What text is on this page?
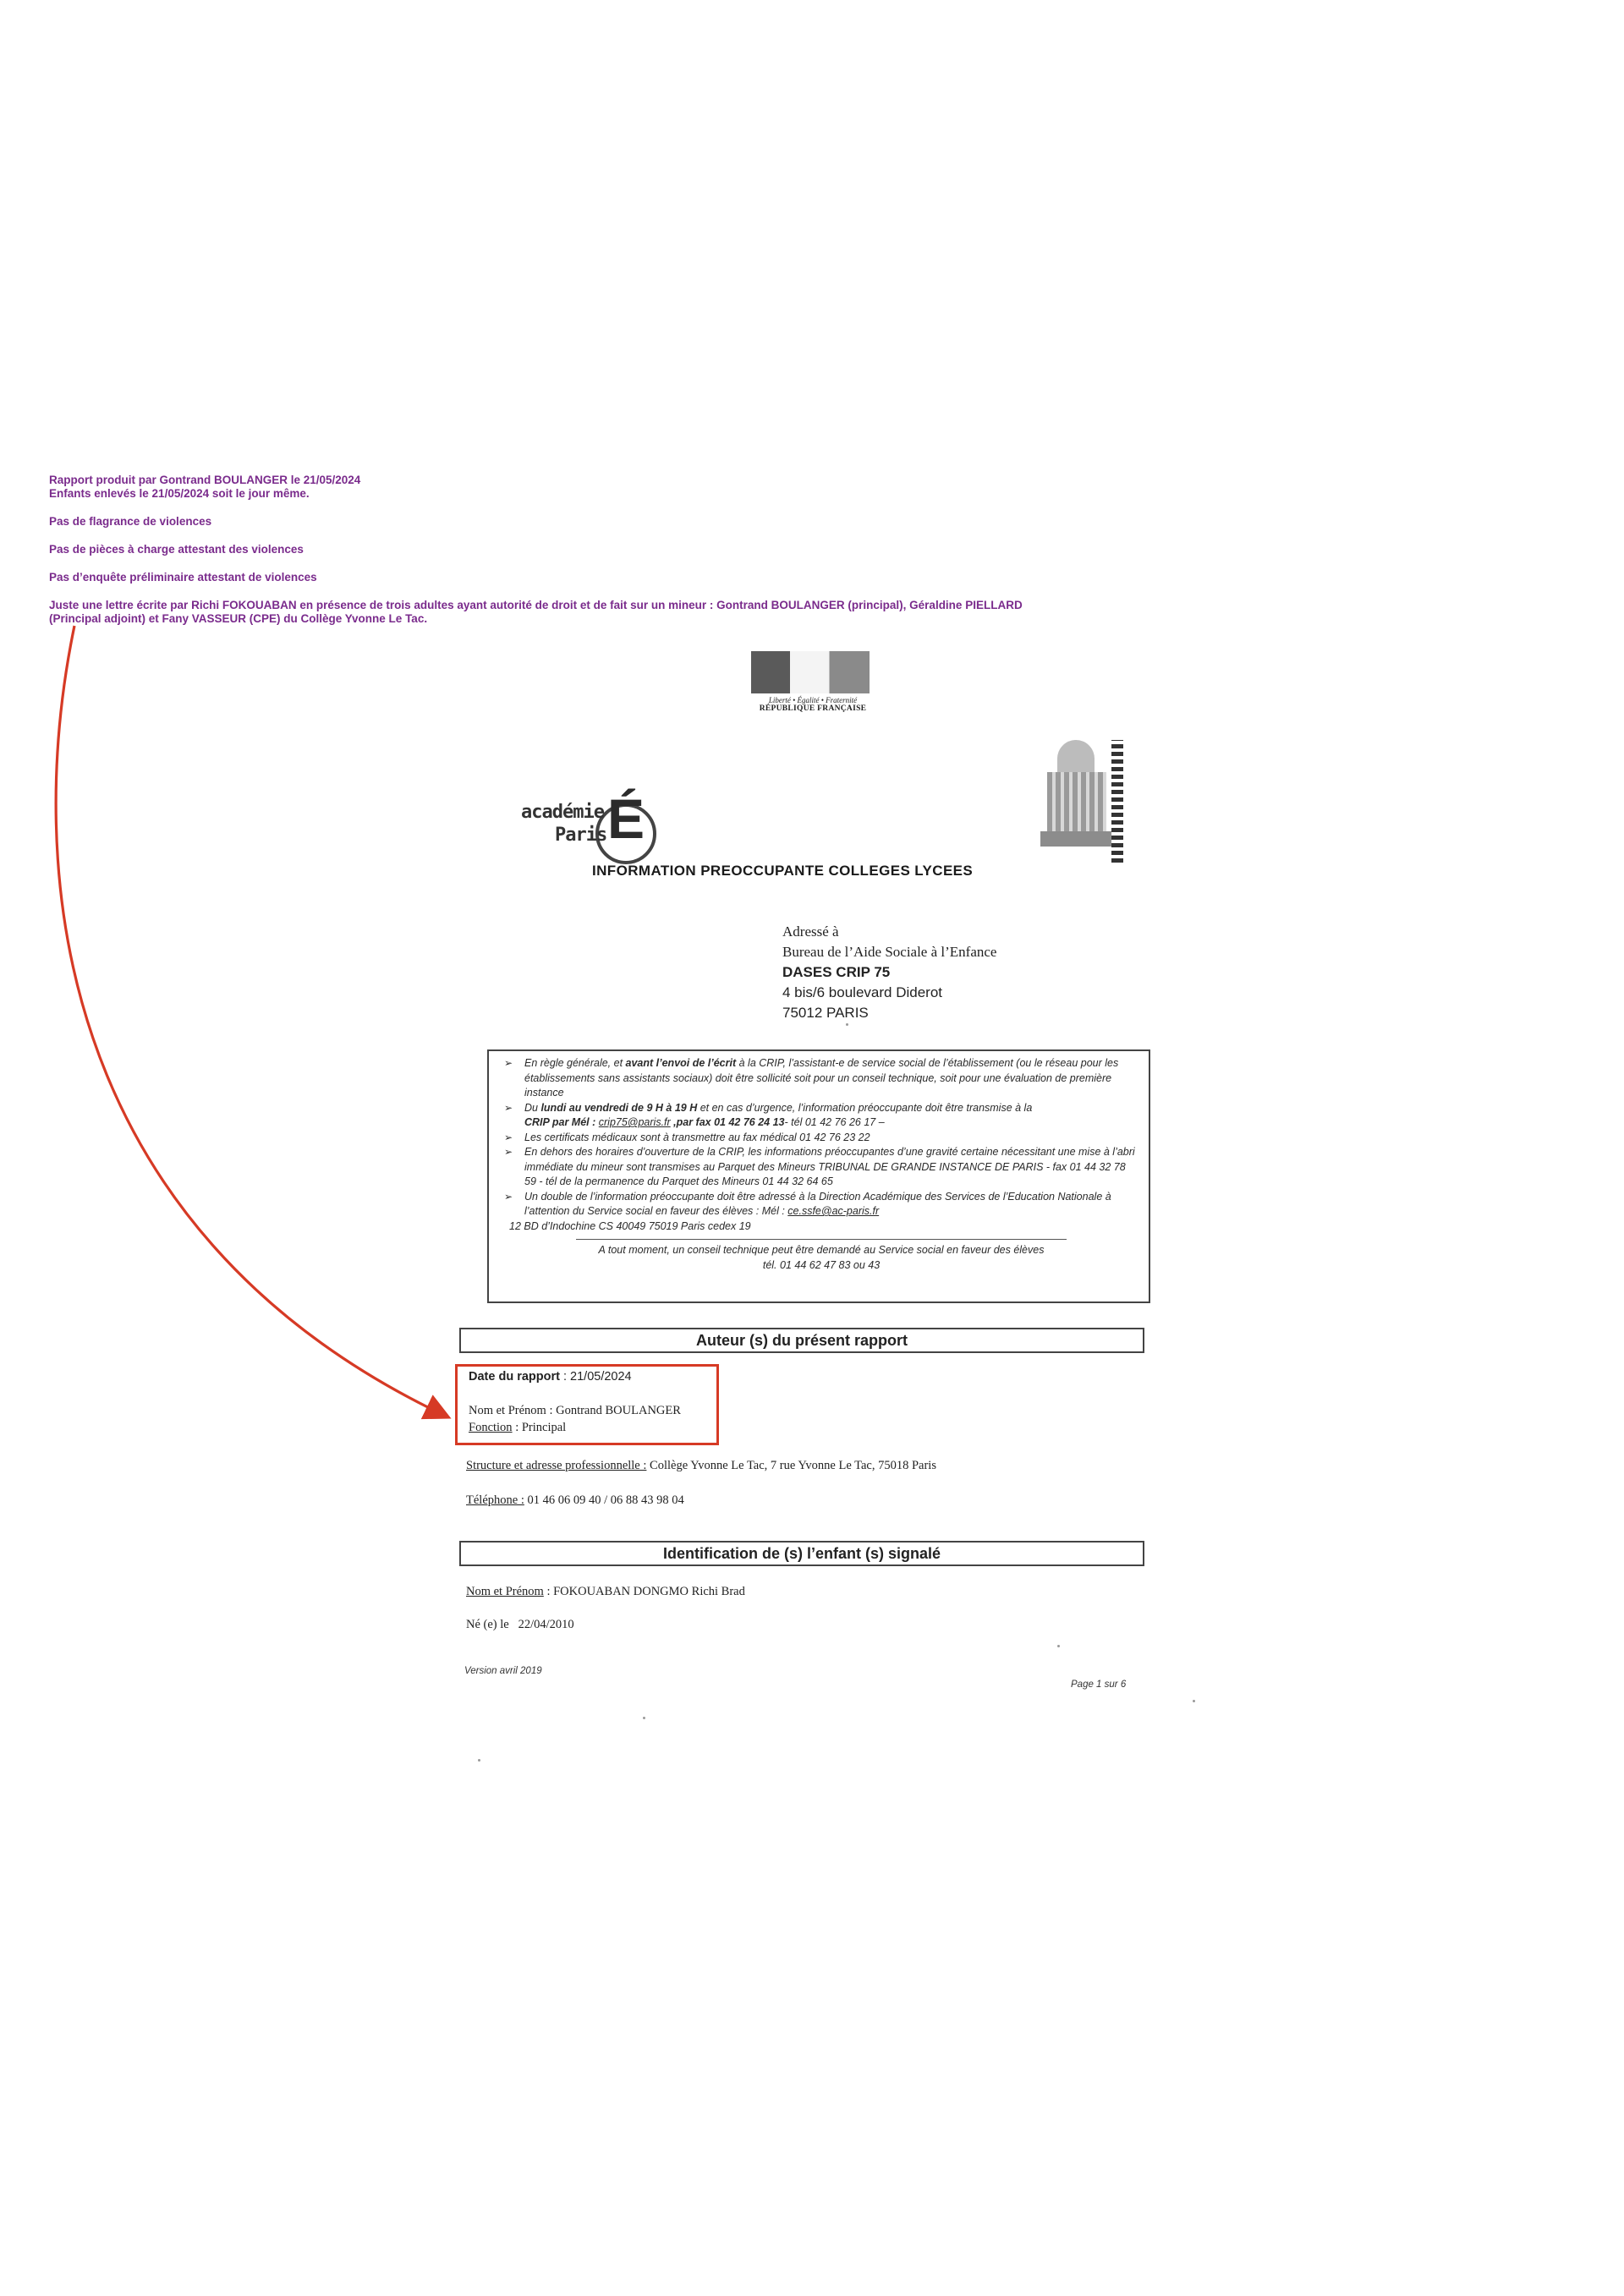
Rapport produit par Gontrand BOULANGER le 21/05/2024

Enfants enlevés le 21/05/2024 soit le jour même.

Pas de flagrance de violences

Pas de pièces à charge attestant des violences

Pas d’enquête préliminaire attestant de violences

Juste une lettre écrite par Richi FOKOUABAN en présence de trois adultes ayant autorité de droit et de fait sur un mineur : Gontrand BOULANGER (principal), Géraldine PIELLARD

(Principal adjoint) et Fany VASSEUR (CPE) du Collège Yvonne Le Tac.

Liberté • Égalité • Fraternité
RÉPUBLIQUE FRANÇAISE
É
académie
Paris
INFORMATION PREOCCUPANTE COLLEGES LYCEES
Adressé à
Bureau de l’Aide Sociale à l’Enfance
DASES CRIP 75
4 bis/6 boulevard Diderot
75012 PARIS
➢ En règle générale, et avant l’envoi de l’écrit à la CRIP, l’assistant-e de service social de l’établissement (ou le réseau pour les établissements sans assistants sociaux) doit être sollicité soit pour un conseil technique, soit pour une évaluation de première instance
➢ Du lundi au vendredi de 9 H à 19 H et en cas d’urgence, l’information préoccupante doit être transmise à la
CRIP par Mél : crip75@paris.fr ,par fax 01 42 76 24 13- tél 01 42 76 26 17 –
➢ Les certificats médicaux sont à transmettre au fax médical 01 42 76 23 22
➢ En dehors des horaires d’ouverture de la CRIP, les informations préoccupantes d’une gravité certaine nécessitant une mise à l’abri immédiate du mineur sont transmises au Parquet des Mineurs TRIBUNAL DE GRANDE INSTANCE DE PARIS - fax 01 44 32 78 59 - tél de la permanence du Parquet des Mineurs 01 44 32 64 65
➢ Un double de l’information préoccupante doit être adressé à la Direction Académique des Services de l’Education Nationale à l’attention du Service social en faveur des élèves : Mél : ce.ssfe@ac-paris.fr
12 BD d’Indochine CS 40049 75019 Paris cedex 19
A tout moment, un conseil technique peut être demandé au Service social en faveur des élèves
tél. 01 44 62 47 83 ou 43
Auteur (s) du présent rapport
Date du rapport : 21/05/2024
Nom et Prénom : Gontrand BOULANGER
Fonction : Principal
Structure et adresse professionnelle : Collège Yvonne Le Tac, 7 rue Yvonne Le Tac, 75018 Paris
Téléphone : 01 46 06 09 40 / 06 88 43 98 04
Identification de (s) l’enfant (s) signalé
Nom et Prénom : FOKOUABAN DONGMO Richi Brad
Né (e) le 22/04/2010
Version avril 2019
Page 1 sur 6
